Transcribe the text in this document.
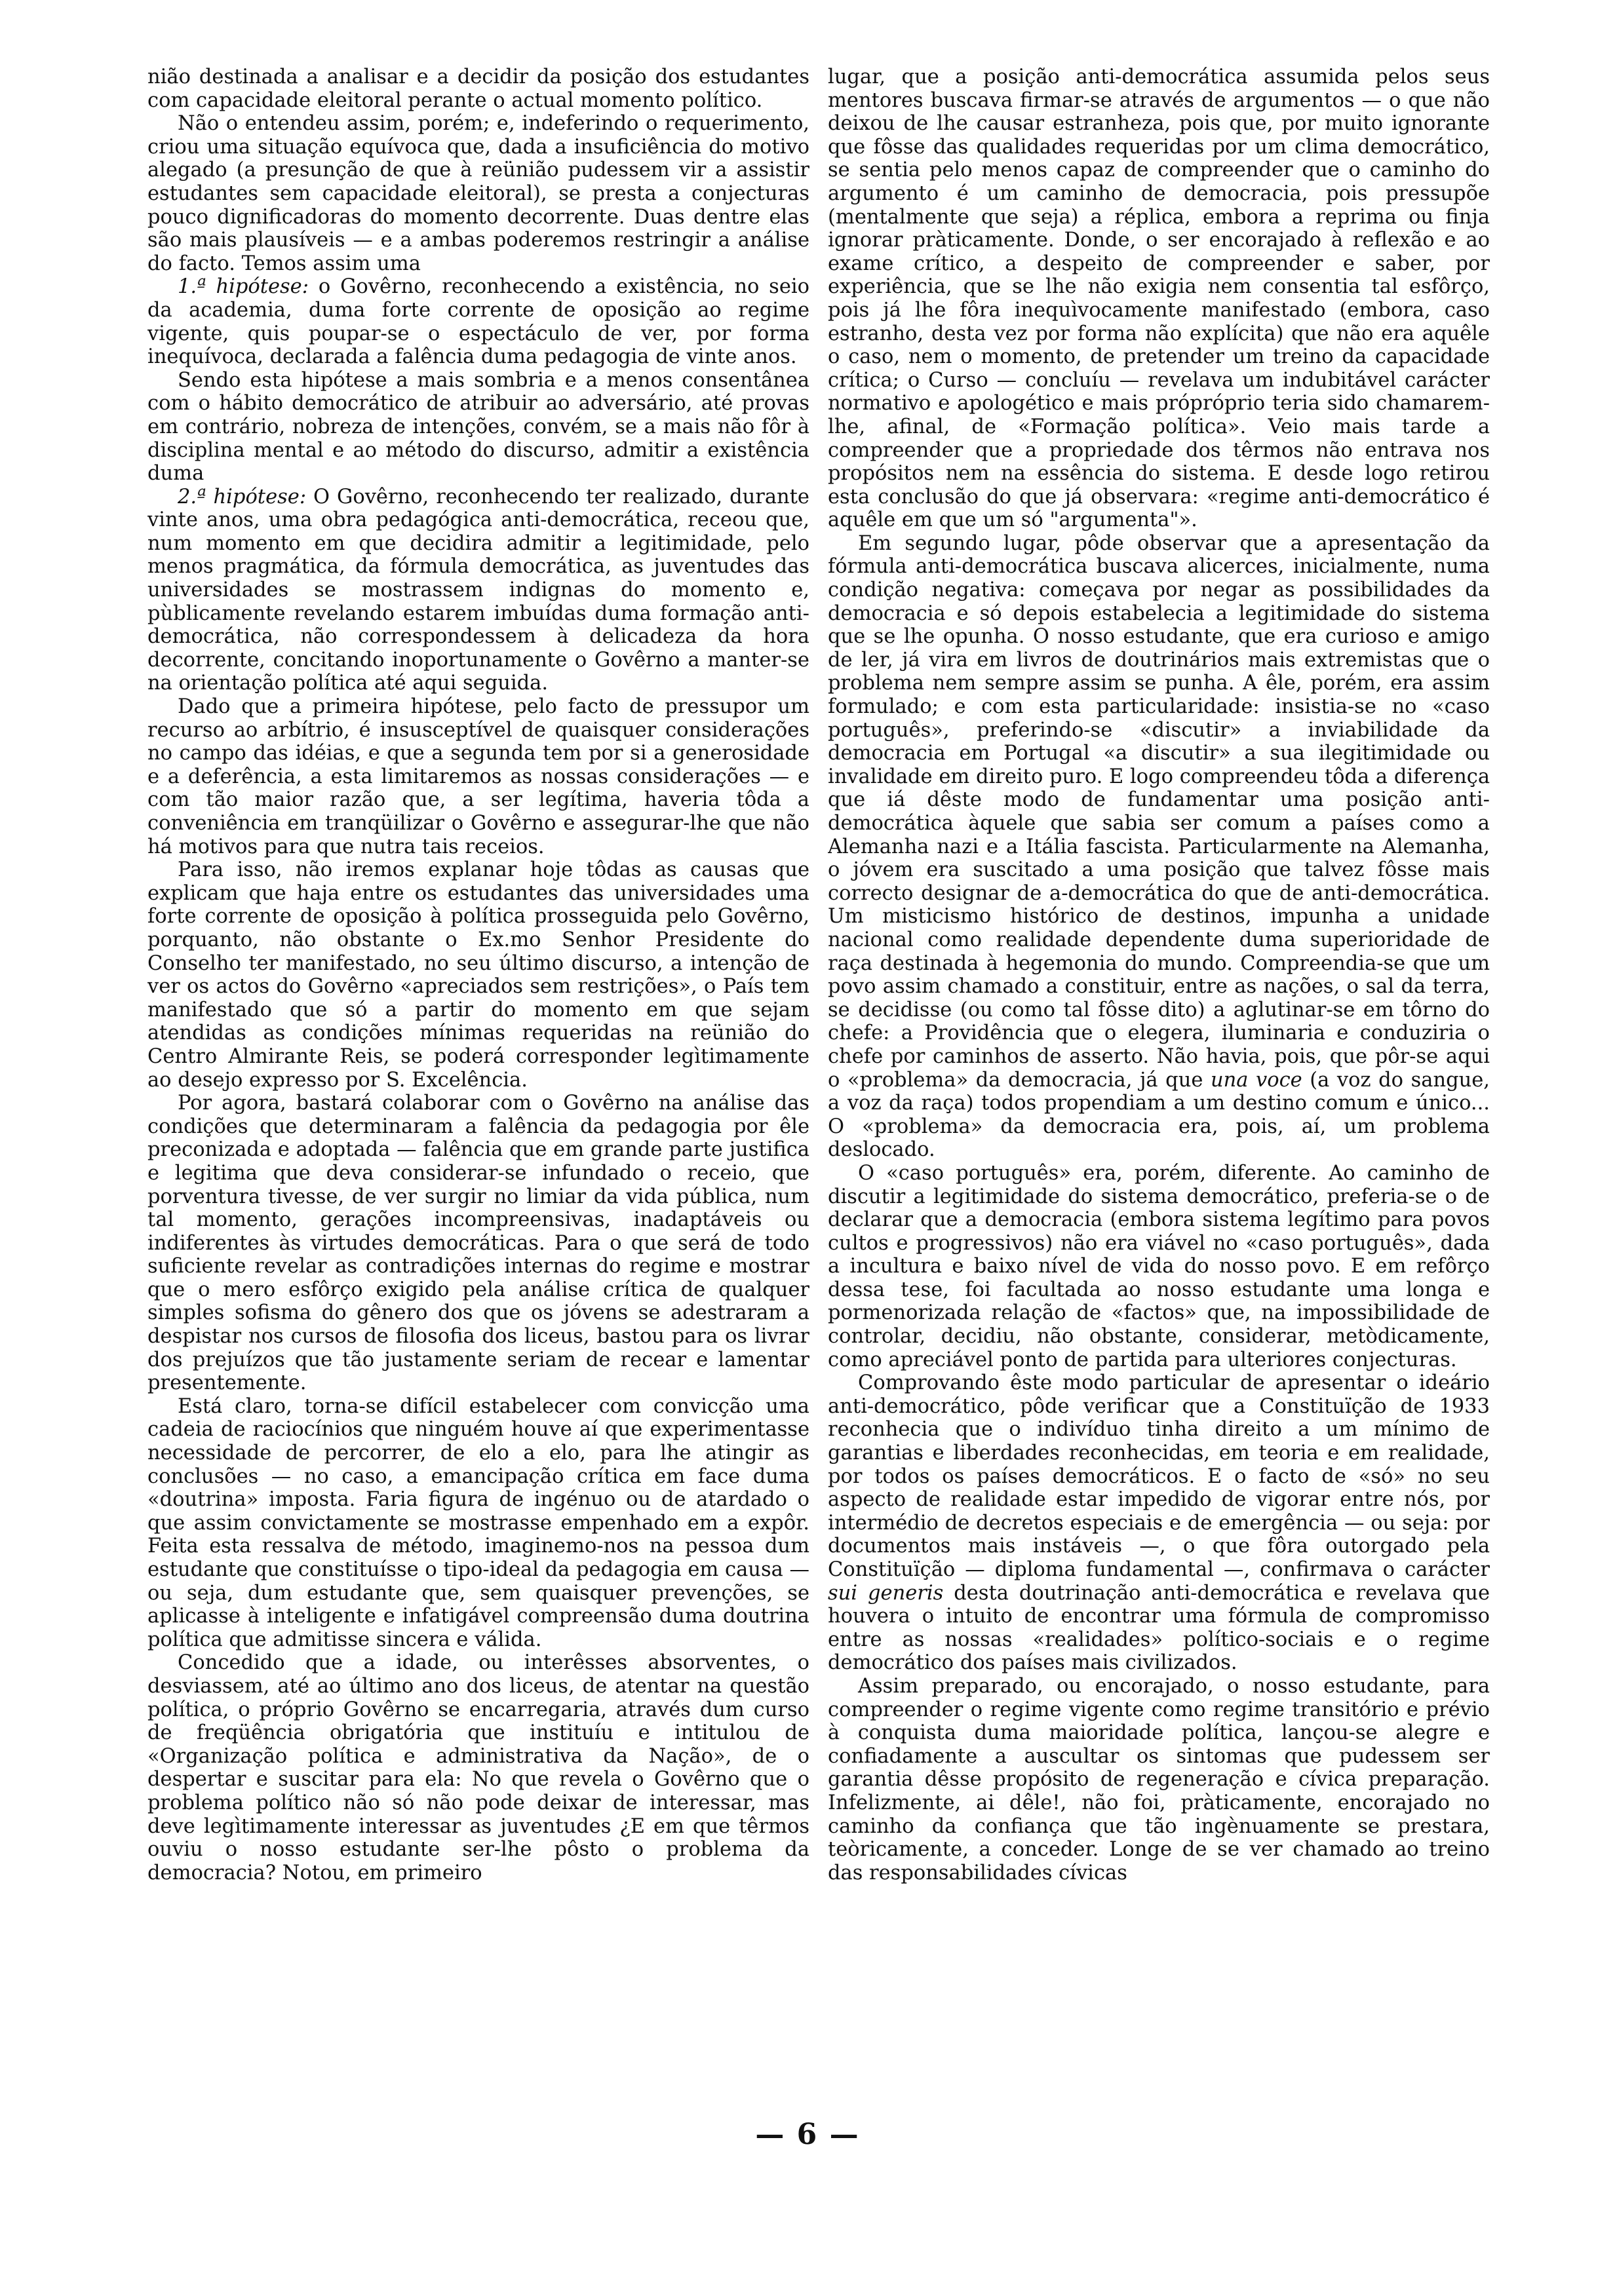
nião destinada a analisar e a decidir da posição dos estudantes com capacidade eleitoral perante o actual momento político.

Não o entendeu assim, porém; e, indeferindo o requerimento, criou uma situação equívoca que, dada a insuficiência do motivo alegado (a presunção de que à reünião pudessem vir a assistir estudantes sem capacidade eleitoral), se presta a conjecturas pouco dignificadoras do momento decorrente. Duas dentre elas são mais plausíveis — e a ambas poderemos restringir a análise do facto. Temos assim uma

1.ª hipótese: o Govêrno, reconhecendo a existência, no seio da academia, duma forte corrente de oposição ao regime vigente, quis poupar-se o espectáculo de ver, por forma inequívoca, declarada a falência duma pedagogia de vinte anos.

Sendo esta hipótese a mais sombria e a menos consentânea com o hábito democrático de atribuir ao adversário, até provas em contrário, nobreza de intenções, convém, se a mais não fôr à disciplina mental e ao método do discurso, admitir a existência duma

2.ª hipótese: O Govêrno, reconhecendo ter realizado, durante vinte anos, uma obra pedagógica anti-democrática, receou que, num momento em que decidira admitir a legitimidade, pelo menos pragmática, da fórmula democrática, as juventudes das universidades se mostrassem indignas do momento e, pùblicamente revelando estarem imbuídas duma formação anti-democrática, não correspondessem à delicadeza da hora decorrente, concitando inoportunamente o Govêrno a manter-se na orientação política até aqui seguida.

Dado que a primeira hipótese, pelo facto de pressupor um recurso ao arbítrio, é insusceptível de quaisquer considerações no campo das idéias, e que a segunda tem por si a generosidade e a deferência, a esta limitaremos as nossas considerações — e com tão maior razão que, a ser legítima, haveria tôda a conveniência em tranqüilizar o Govêrno e assegurar-lhe que não há motivos para que nutra tais receios.

Para isso, não iremos explanar hoje tôdas as causas que explicam que haja entre os estudantes das universidades uma forte corrente de oposição à política prosseguida pelo Govêrno, porquanto, não obstante o Ex.mo Senhor Presidente do Conselho ter manifestado, no seu último discurso, a intenção de ver os actos do Govêrno «apreciados sem restrições», o País tem manifestado que só a partir do momento em que sejam atendidas as condições mínimas requeridas na reünião do Centro Almirante Reis, se poderá corresponder legìtimamente ao desejo expresso por S. Excelência.

Por agora, bastará colaborar com o Govêrno na análise das condições que determinaram a falência da pedagogia por êle preconizada e adoptada — falência que em grande parte justifica e legitima que deva considerar-se infundado o receio, que porventura tivesse, de ver surgir no limiar da vida pública, num tal momento, gerações incompreensivas, inadaptáveis ou indiferentes às virtudes democráticas. Para o que será de todo suficiente revelar as contradições internas do regime e mostrar que o mero esfôrço exigido pela análise crítica de qualquer simples sofisma do gênero dos que os jóvens se adestraram a despistar nos cursos de filosofia dos liceus, bastou para os livrar dos prejuízos que tão justamente seriam de recear e lamentar presentemente.

Está claro, torna-se difícil estabelecer com convicção uma cadeia de raciocínios que ninguém houve aí que experimentasse necessidade de percorrer, de elo a elo, para lhe atingir as conclusões — no caso, a emancipação crítica em face duma «doutrina» imposta. Faria figura de ingénuo ou de atardado o que assim convictamente se mostrasse empenhado em a expôr. Feita esta ressalva de método, imaginemo-nos na pessoa dum estudante que constituísse o tipo-ideal da pedagogia em causa — ou seja, dum estudante que, sem quaisquer prevenções, se aplicasse à inteligente e infatigável compreensão duma doutrina política que admitisse sincera e válida.

Concedido que a idade, ou interêsses absorventes, o desviassem, até ao último ano dos liceus, de atentar na questão política, o próprio Govêrno se encarregaria, através dum curso de freqüência obrigatória que instituíu e intitulou de «Organização política e administrativa da Nação», de o despertar e suscitar para ela: No que revela o Govêrno que o problema político não só não pode deixar de interessar, mas deve legìtimamente interessar as juventudes ¿E em que têrmos ouviu o nosso estudante ser-lhe pôsto o problema da democracia? Notou, em primeiro

lugar, que a posição anti-democrática assumida pelos seus mentores buscava firmar-se através de argumentos — o que não deixou de lhe causar estranheza, pois que, por muito ignorante que fôsse das qualidades requeridas por um clima democrático, se sentia pelo menos capaz de compreender que o caminho do argumento é um caminho de democracia, pois pressupõe (mentalmente que seja) a réplica, embora a reprima ou finja ignorar pràticamente. Donde, o ser encorajado à reflexão e ao exame crítico, a despeito de compreender e saber, por experiência, que se lhe não exigia nem consentia tal esfôrço, pois já lhe fôra inequìvocamente manifestado (embora, caso estranho, desta vez por forma não explícita) que não era aquêle o caso, nem o momento, de pretender um treino da capacidade crítica; o Curso — concluíu — revelava um indubitável carácter normativo e apologético e mais própróprio teria sido chamarem-lhe, afinal, de «Formação política». Veio mais tarde a compreender que a propriedade dos têrmos não entrava nos propósitos nem na essência do sistema. E desde logo retirou esta conclusão do que já observara: «regime anti-democrático é aquêle em que um só "argumenta"».

Em segundo lugar, pôde observar que a apresentação da fórmula anti-democrática buscava alicerces, inicialmente, numa condição negativa: começava por negar as possibilidades da democracia e só depois estabelecia a legitimidade do sistema que se lhe opunha. O nosso estudante, que era curioso e amigo de ler, já vira em livros de doutrinários mais extremistas que o problema nem sempre assim se punha. A êle, porém, era assim formulado; e com esta particularidade: insistia-se no «caso português», preferindo-se «discutir» a inviabilidade da democracia em Portugal «a discutir» a sua ilegitimidade ou invalidade em direito puro. E logo compreendeu tôda a diferença que iá dêste modo de fundamentar uma posição anti-democrática àquele que sabia ser comum a países como a Alemanha nazi e a Itália fascista. Particularmente na Alemanha, o jóvem era suscitado a uma posição que talvez fôsse mais correcto designar de a-democrática do que de anti-democrática. Um misticismo histórico de destinos, impunha a unidade nacional como realidade dependente duma superioridade de raça destinada à hegemonia do mundo. Compreendia-se que um povo assim chamado a constituir, entre as nações, o sal da terra, se decidisse (ou como tal fôsse dito) a aglutinar-se em tôrno do chefe: a Providência que o elegera, iluminaria e conduziria o chefe por caminhos de asserto. Não havia, pois, que pôr-se aqui o «problema» da democracia, já que una voce (a voz do sangue, a voz da raça) todos propendiam a um destino comum e único... O «problema» da democracia era, pois, aí, um problema deslocado.

O «caso português» era, porém, diferente. Ao caminho de discutir a legitimidade do sistema democrático, preferia-se o de declarar que a democracia (embora sistema legítimo para povos cultos e progressivos) não era viável no «caso português», dada a incultura e baixo nível de vida do nosso povo. E em refôrço dessa tese, foi facultada ao nosso estudante uma longa e pormenorizada relação de «factos» que, na impossibilidade de controlar, decidiu, não obstante, considerar, metòdicamente, como apreciável ponto de partida para ulteriores conjecturas.

Comprovando êste modo particular de apresentar o ideário anti-democrático, pôde verificar que a Constituïção de 1933 reconhecia que o indivíduo tinha direito a um mínimo de garantias e liberdades reconhecidas, em teoria e em realidade, por todos os países democráticos. E o facto de «só» no seu aspecto de realidade estar impedido de vigorar entre nós, por intermédio de decretos especiais e de emergência — ou seja: por documentos mais instáveis —, o que fôra outorgado pela Constituïção — diploma fundamental —, confirmava o carácter sui generis desta doutrinação anti-democrática e revelava que houvera o intuito de encontrar uma fórmula de compromisso entre as nossas «realidades» político-sociais e o regime democrático dos países mais civilizados.

Assim preparado, ou encorajado, o nosso estudante, para compreender o regime vigente como regime transitório e prévio à conquista duma maioridade política, lançou-se alegre e confiadamente a auscultar os sintomas que pudessem ser garantia dêsse propósito de regeneração e cívica preparação. Infelizmente, ai dêle!, não foi, pràticamente, encorajado no caminho da confiança que tão ingènuamente se prestara, teòricamente, a conceder. Longe de se ver chamado ao treino das responsabilidades cívicas

— 6 —
